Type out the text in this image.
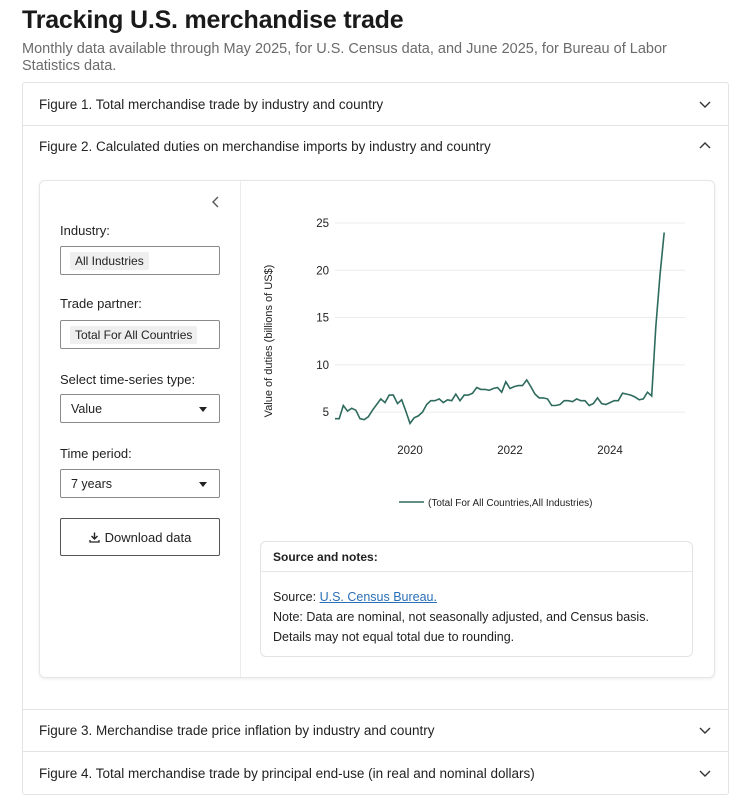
Tracking U.S. merchandise trade
Monthly data available through May 2025, for U.S. Census data, and June 2025, for Bureau of Labor Statistics data.
Figure 1. Total merchandise trade by industry and country
Figure 2. Calculated duties on merchandise imports by industry and country
Industry:
All Industries
Trade partner:
Total For All Countries
Select time-series type:
Value
Time period:
7 years
Download data
5
10
15
20
25
2020	2022	2024
Value of duties (billions of US$)
(Total For All Countries,All Industries)
Source and notes:
Source: U.S. Census Bureau.
Note: Data are nominal, not seasonally adjusted, and Census basis. Details may not equal total due to rounding.
Figure 3. Merchandise trade price inflation by industry and country
Figure 4. Total merchandise trade by principal end-use (in real and nominal dollars)
